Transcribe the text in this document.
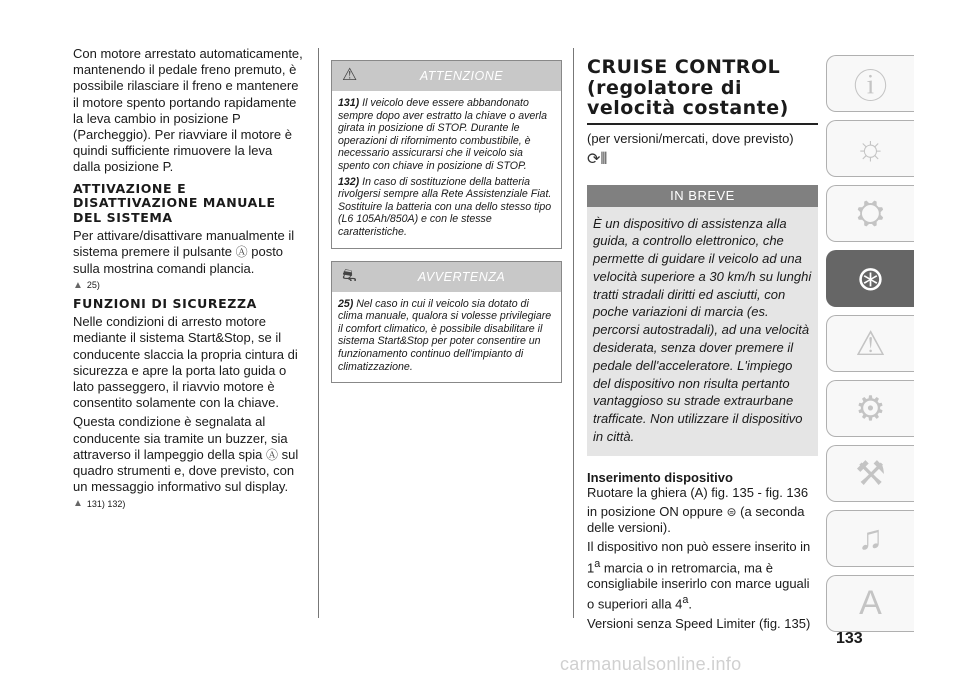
Con motore arrestato automaticamente, mantenendo il pedale freno premuto, è possibile rilasciare il freno e mantenere il motore spento portando rapidamente la leva cambio in posizione P (Parcheggio). Per riavviare il motore è quindi sufficiente rimuovere la leva dalla posizione P.

ATTIVAZIONE E DISATTIVAZIONE MANUALE DEL SISTEMA

Per attivare/disattivare manualmente il sistema premere il pulsante Ⓐ posto sulla mostrina comandi plancia.

▲ 25)
FUNZIONI DI SICUREZZA

Nelle condizioni di arresto motore mediante il sistema Start&Stop, se il conducente slaccia la propria cintura di sicurezza e apre la porta lato guida o lato passeggero, il riavvio motore è consentito solamente con la chiave.

Questa condizione è segnalata al conducente sia tramite un buzzer, sia attraverso il lampeggio della spia Ⓐ sul quadro strumenti e, dove previsto, con un messaggio informativo sul display.

▲ 131) 132)
⚠	ATTENZIONE
131) Il veicolo deve essere abbandonato sempre dopo aver estratto la chiave o averla girata in posizione di STOP. Durante le operazioni di rifornimento combustibile, è necessario assicurarsi che il veicolo sia spento con chiave in posizione di STOP.
132) In caso di sostituzione della batteria rivolgersi sempre alla Rete Assistenziale Fiat. Sostituire la batteria con una dello stesso tipo (L6 105Ah/850A) e con le stesse caratteristiche.
⛐	AVVERTENZA
25) Nel caso in cui il veicolo sia dotato di clima manuale, qualora si volesse privilegiare il comfort climatico, è possibile disabilitare il sistema Start&Stop per poter consentire un funzionamento continuo dell'impianto di climatizzazione.
CRUISE CONTROL
(regolatore di
velocità costante)

(per versioni/mercati, dove previsto)

⟳⦀
IN BREVE
È un dispositivo di assistenza alla guida, a controllo elettronico, che permette di guidare il veicolo ad una velocità superiore a 30 km/h su lunghi tratti stradali diritti ed asciutti, con poche variazioni di marcia (es. percorsi autostradali), ad una velocità desiderata, senza dover premere il pedale dell'acceleratore. L'impiego del dispositivo non risulta pertanto vantaggioso su strade extraurbane trafficate. Non utilizzare il dispositivo in città.
Inserimento dispositivo

Ruotare la ghiera (A) fig. 135 - fig. 136

in posizione ON oppure ⊜ (a seconda delle versioni).

Il dispositivo non può essere inserito in 1$^a$ marcia o in retromarcia, ma è consigliabile inserirlo con marce uguali o superiori alla 4$^a$.

Versioni senza Speed Limiter (fig. 135)

ⓘ
☼
⛭
⊛
⚠
⚙
⚒
♫
A
133
carmanualsonline.info
